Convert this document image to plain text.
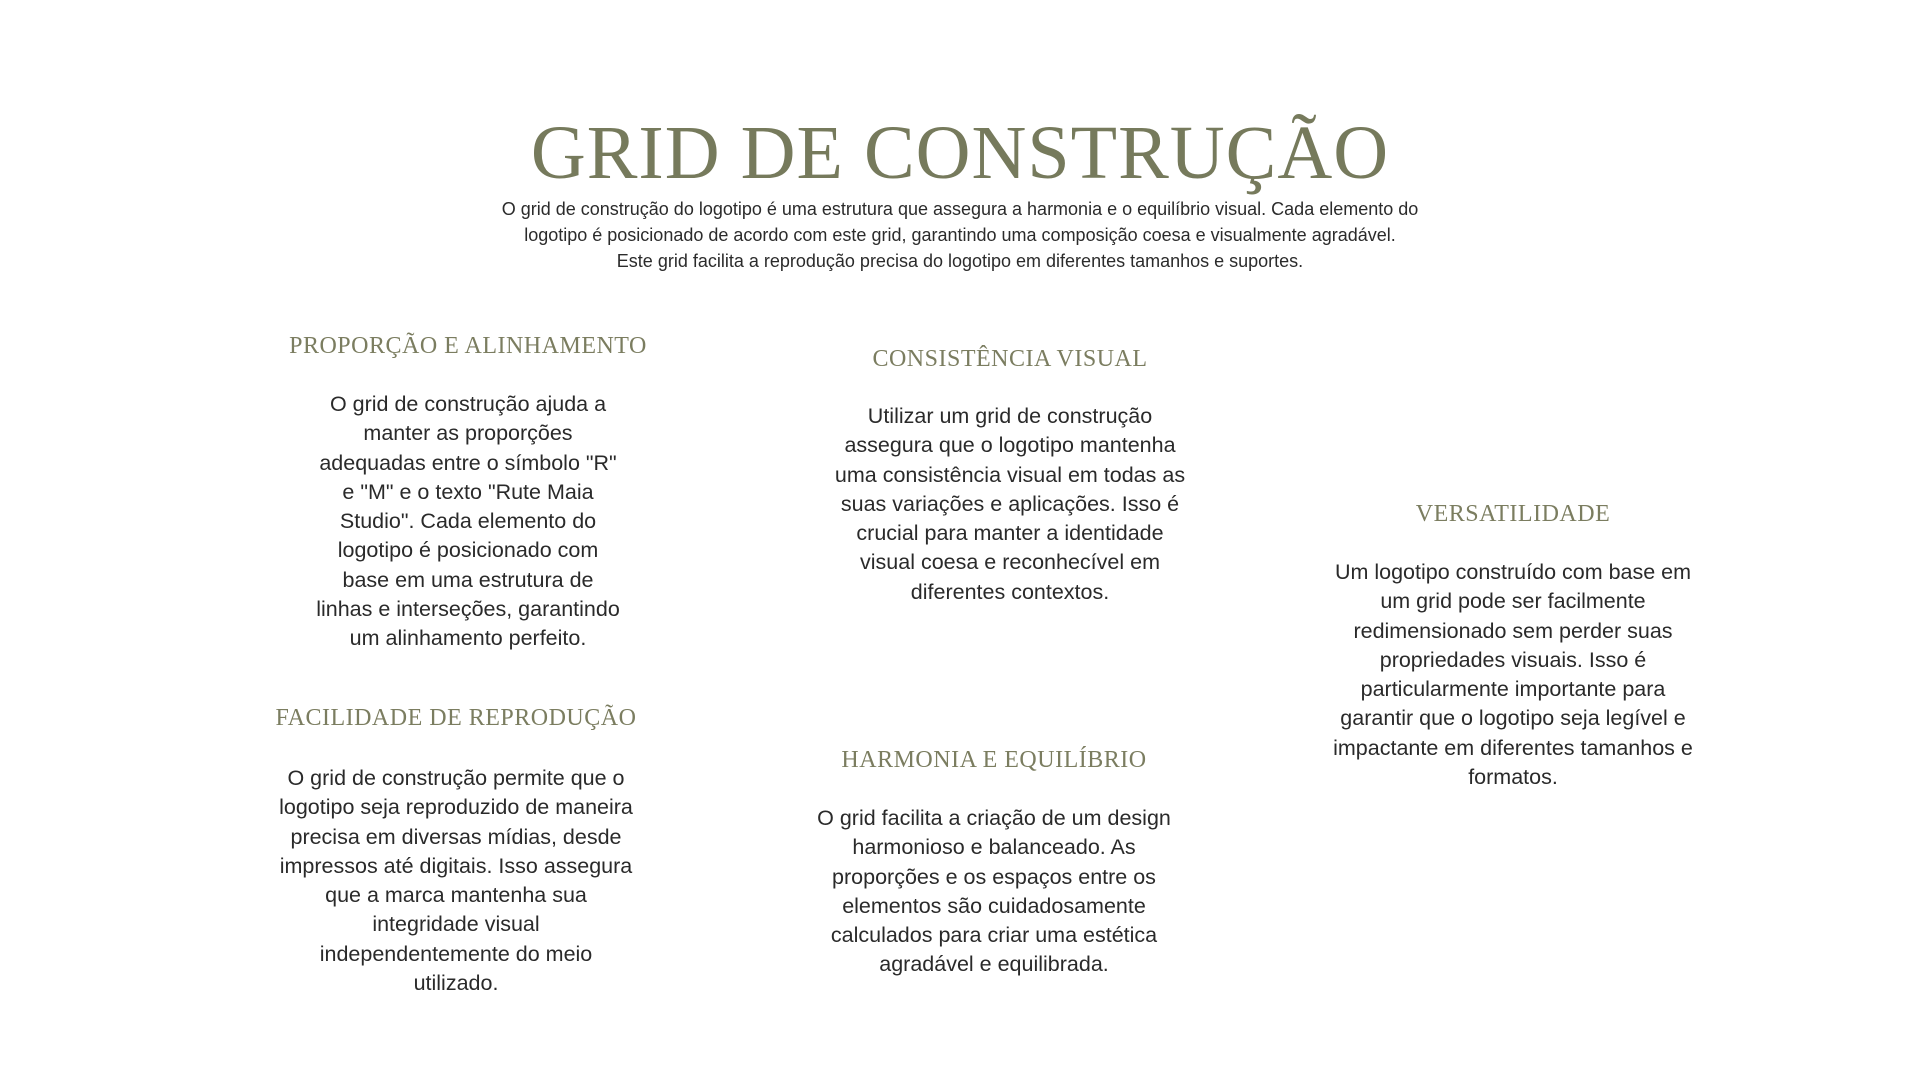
GRID DE CONSTRUÇÃO

O grid de construção do logotipo é uma estrutura que assegura a harmonia e o equilíbrio visual. Cada elemento do
logotipo é posicionado de acordo com este grid, garantindo uma composição coesa e visualmente agradável.
Este grid facilita a reprodução precisa do logotipo em diferentes tamanhos e suportes.

PROPORÇÃO E ALINHAMENTO

O grid de construção ajuda a manter as proporções adequadas entre o símbolo "R" e "M" e o texto "Rute Maia Studio". Cada elemento do logotipo é posicionado com base em uma estrutura de linhas e interseções, garantindo um alinhamento perfeito.

FACILIDADE DE REPRODUÇÃO

O grid de construção permite que o logotipo seja reproduzido de maneira precisa em diversas mídias, desde impressos até digitais. Isso assegura que a marca mantenha sua integridade visual independentemente do meio utilizado.

CONSISTÊNCIA VISUAL

Utilizar um grid de construção assegura que o logotipo mantenha uma consistência visual em todas as suas variações e aplicações. Isso é crucial para manter a identidade visual coesa e reconhecível em diferentes contextos.

HARMONIA E EQUILÍBRIO

O grid facilita a criação de um design harmonioso e balanceado. As proporções e os espaços entre os elementos são cuidadosamente calculados para criar uma estética agradável e equilibrada.

VERSATILIDADE

Um logotipo construído com base em um grid pode ser facilmente redimensionado sem perder suas propriedades visuais. Isso é particularmente importante para garantir que o logotipo seja legível e impactante em diferentes tamanhos e formatos.
